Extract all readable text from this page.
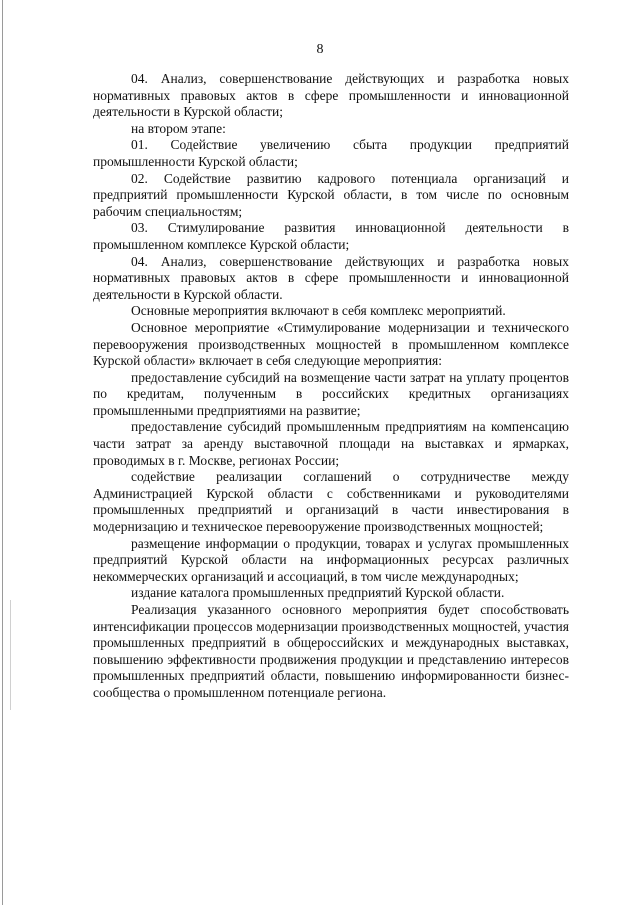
8

04. Анализ, совершенствование действующих и разработка новых нормативных правовых актов в сфере промышленности и инновационной деятельности в Курской области;

на втором этапе:

01. Содействие увеличению сбыта продукции предприятий промышленности Курской области;

02. Содействие развитию кадрового потенциала организаций и предприятий промышленности Курской области, в том числе по основным рабочим специальностям;

03. Стимулирование развития инновационной деятельности в промышленном комплексе Курской области;

04. Анализ, совершенствование действующих и разработка новых нормативных правовых актов в сфере промышленности и инновационной деятельности в Курской области.

Основные мероприятия включают в себя комплекс мероприятий.

Основное мероприятие «Стимулирование модернизации и технического перевооружения производственных мощностей в промышленном комплексе Курской области» включает в себя следующие мероприятия:

предоставление субсидий на возмещение части затрат на уплату процентов по кредитам, полученным в российских кредитных организациях промышленными предприятиями на развитие;

предоставление субсидий промышленным предприятиям на компенсацию части затрат за аренду выставочной площади на выставках и ярмарках, проводимых в г. Москве, регионах России;

содействие реализации соглашений о сотрудничестве между Администрацией Курской области с собственниками и руководителями промышленных предприятий и организаций в части инвестирования в модернизацию и техническое перевооружение производственных мощностей;

размещение информации о продукции, товарах и услугах промышленных предприятий Курской области на информационных ресурсах различных некоммерческих организаций и ассоциаций, в том числе международных;

издание каталога промышленных предприятий Курской области.

Реализация указанного основного мероприятия будет способствовать интенсификации процессов модернизации производственных мощностей, участия промышленных предприятий в общероссийских и международных выставках, повышению эффективности продвижения продукции и представлению интересов промышленных предприятий области, повышению информированности бизнес-сообщества о промышленном потенциале региона.
